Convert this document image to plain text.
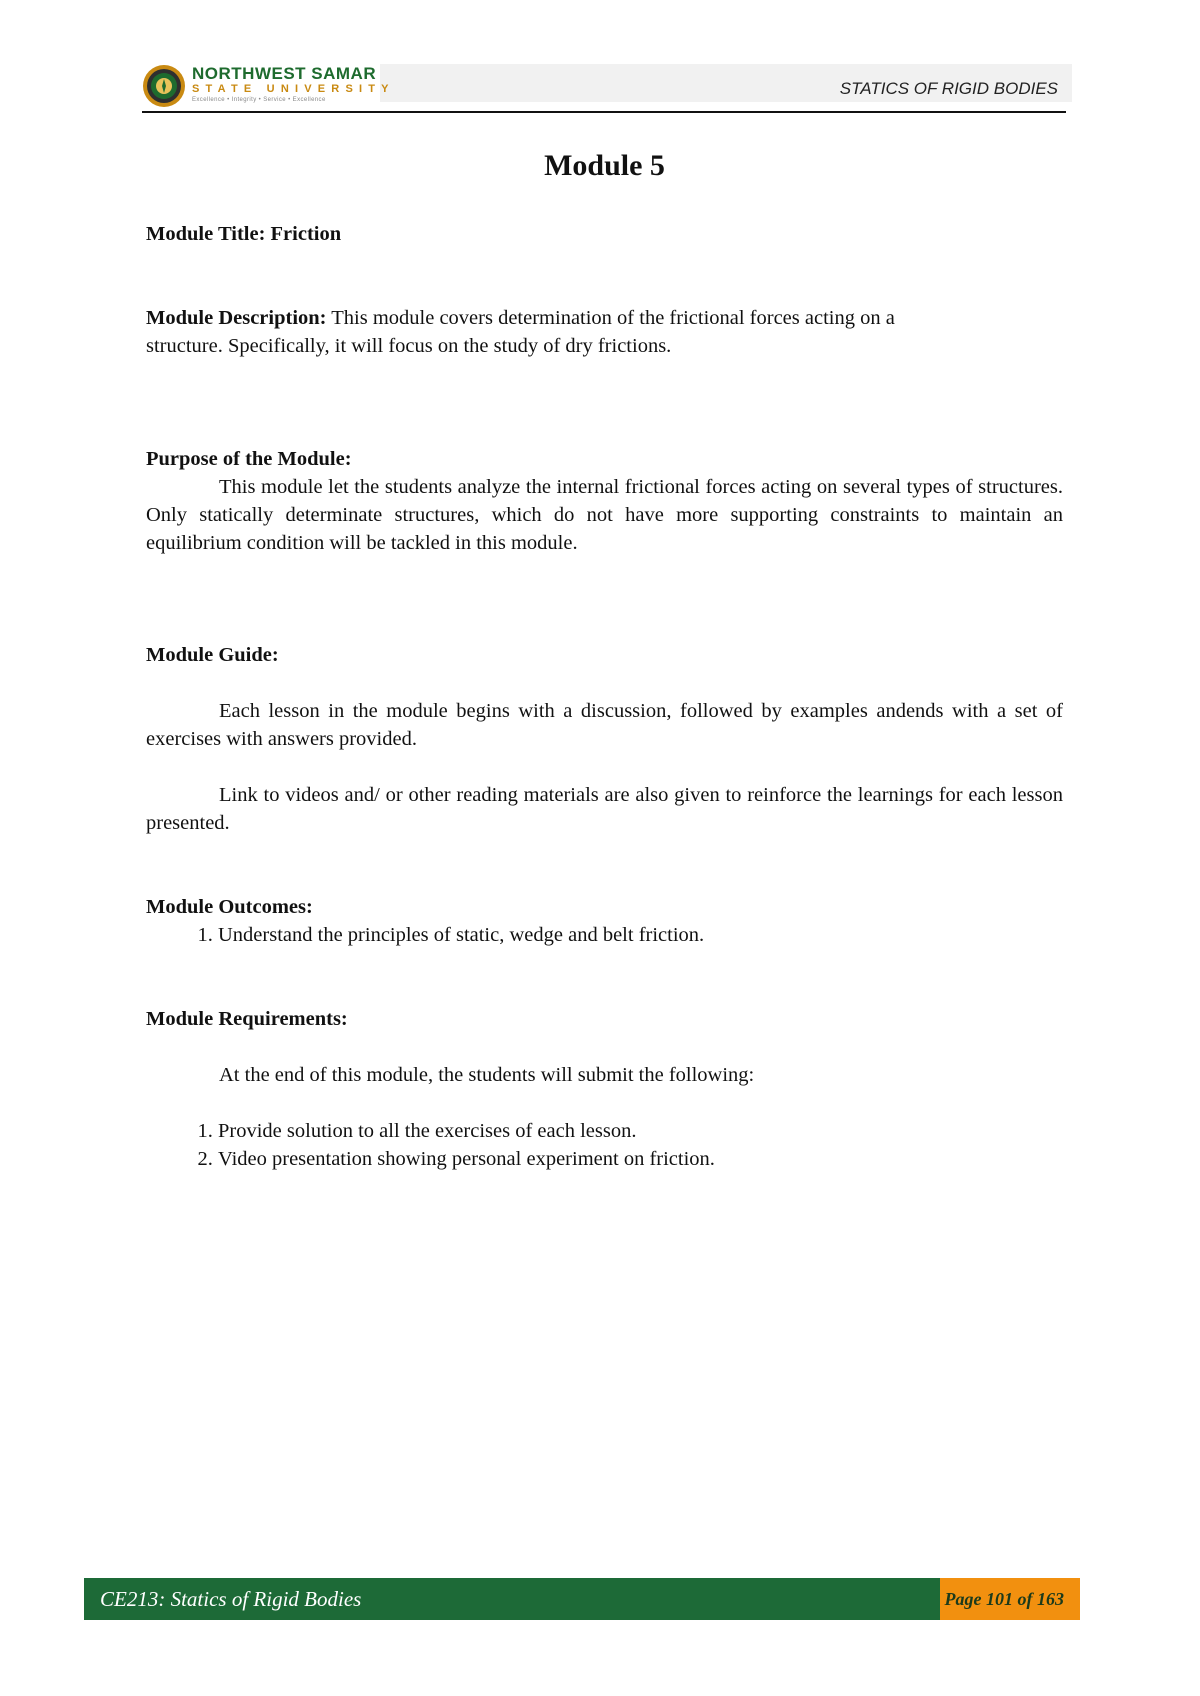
STATICS OF RIGID BODIES
NORTHWEST SAMAR
STATE UNIVERSITY
Excellence • Integrity • Service • Excellence
Module 5

Module Title: Friction

Module Description: This module covers determination of the frictional forces acting on a

structure. Specifically, it will focus on the study of dry frictions.

Purpose of the Module:

This module let the students analyze the internal frictional forces acting on several types of structures. Only statically determinate structures, which do not have more supporting constraints to maintain an equilibrium condition will be tackled in this module.

Module Guide:

Each lesson in the module begins with a discussion, followed by examples andends with a set of exercises with answers provided.

Link to videos and/ or other reading materials are also given to reinforce the learnings for each lesson presented.

Module Outcomes:

1. Understand the principles of static, wedge and belt friction.

Module Requirements:

At the end of this module, the students will submit the following:

1. Provide solution to all the exercises of each lesson.
2. Video presentation showing personal experiment on friction.
CE213: Statics of Rigid Bodies	Page 101 of 163
